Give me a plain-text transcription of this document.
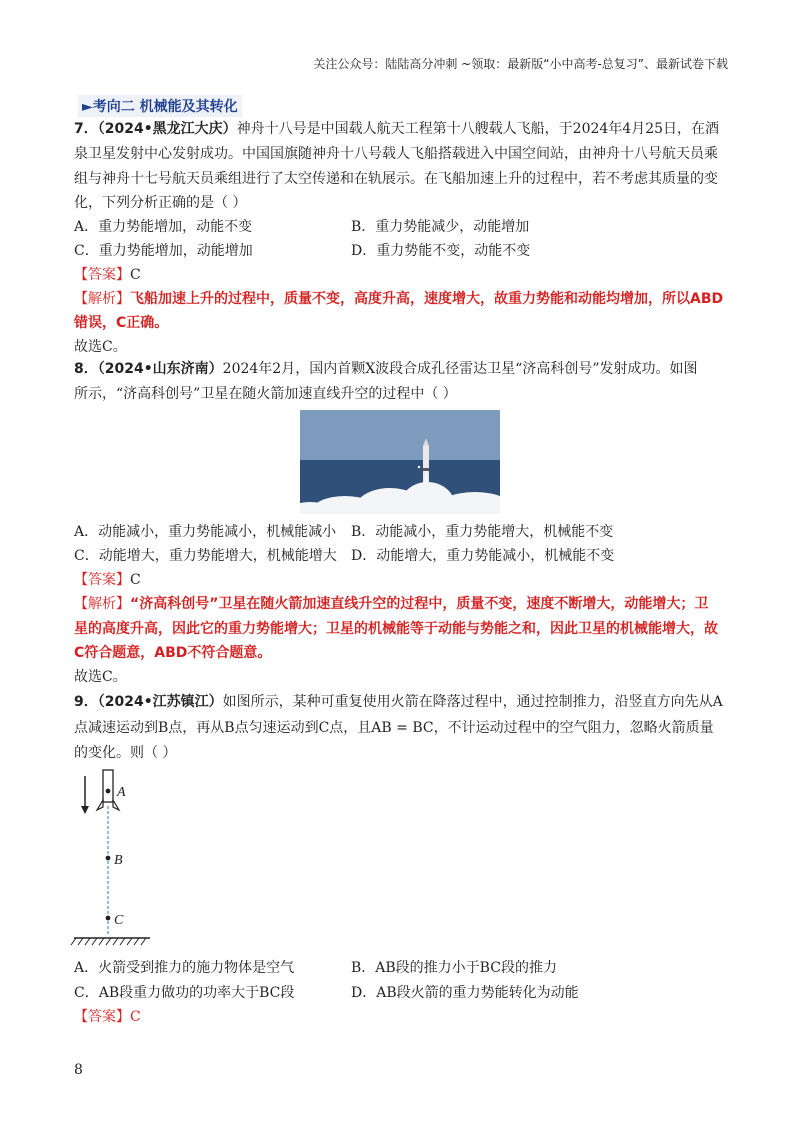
关注公众号：陆陆高分冲刺 ~领取：最新版“小中高考-总复习”、最新试卷下载
►考向二 机械能及其转化
7．（2024•黑龙江大庆）神舟十八号是中国载人航天工程第十八艘载人飞船，于2024年4月25日，在酒
泉卫星发射中心发射成功。中国国旗随神舟十八号载人飞船搭载进入中国空间站，由神舟十八号航天员乘
组与神舟十七号航天员乘组进行了太空传递和在轨展示。在飞船加速上升的过程中，若不考虑其质量的变
化，下列分析正确的是（ ）
A．重力势能增加，动能不变	B．重力势能减少，动能增加
C．重力势能增加，动能增加	D．重力势能不变，动能不变
【答案】C
【解析】飞船加速上升的过程中，质量不变，高度升高，速度增大，故重力势能和动能均增加，所以ABD
错误，C正确。
故选C。
8．（2024•山东济南）2024年2月，国内首颗X波段合成孔径雷达卫星“济高科创号”发射成功。如图
所示，“济高科创号”卫星在随火箭加速直线升空的过程中（ ）
A．动能减小，重力势能减小，机械能减小 B．动能减小，重力势能增大，机械能不变
C．动能增大，重力势能增大，机械能增大 D．动能增大，重力势能减小，机械能不变
【答案】C
【解析】“济高科创号”卫星在随火箭加速直线升空的过程中，质量不变，速度不断增大，动能增大；卫
星的高度升高，因此它的重力势能增大；卫星的机械能等于动能与势能之和，因此卫星的机械能增大，故
C符合题意，ABD不符合题意。
故选C。
9．（2024•江苏镇江）如图所示，某种可重复使用火箭在降落过程中，通过控制推力，沿竖直方向先从A
点减速运动到B点，再从B点匀速运动到C点，且AB = BC，不计运动过程中的空气阻力，忽略火箭质量
的变化。则（ ）
A
B
C
A．火箭受到推力的施力物体是空气	B．AB段的推力小于BC段的推力
C．AB段重力做功的功率大于BC段	D．AB段火箭的重力势能转化为动能
【答案】C
8
